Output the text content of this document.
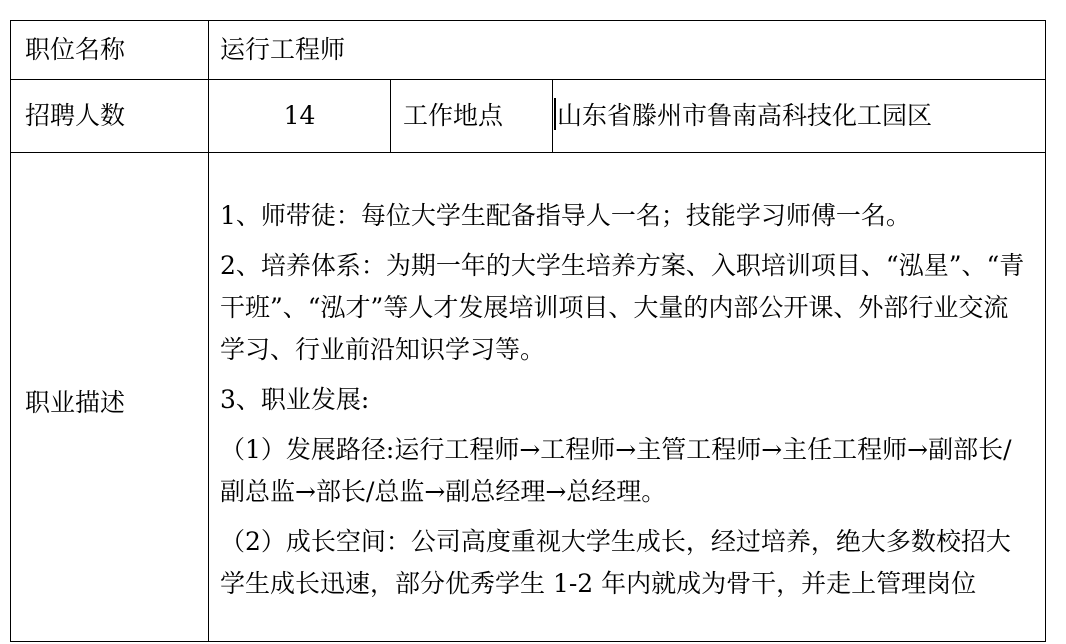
职位名称	运行工程师		
招聘人数	14	工作地点	山东省滕州市鲁南高科技化工园区
职业描述	1、师带徒：每位大学生配备指导人一名；技能学习师傅一名。

2、培养体系：为期一年的大学生培养方案、入职培训项目、“泓星”、“青干班”、“泓才”等人才发展培训项目、大量的内部公开课、外部行业交流学习、行业前沿知识学习等。

3、职业发展:

（1）发展路径:运行工程师→工程师→主管工程师→主任工程师→副部长/副总监→部长/总监→副总经理→总经理。

（2）成长空间：公司高度重视大学生成长，经过培养，绝大多数校招大学生成长迅速，部分优秀学生 1-2 年内就成为骨干，并走上管理岗位		
